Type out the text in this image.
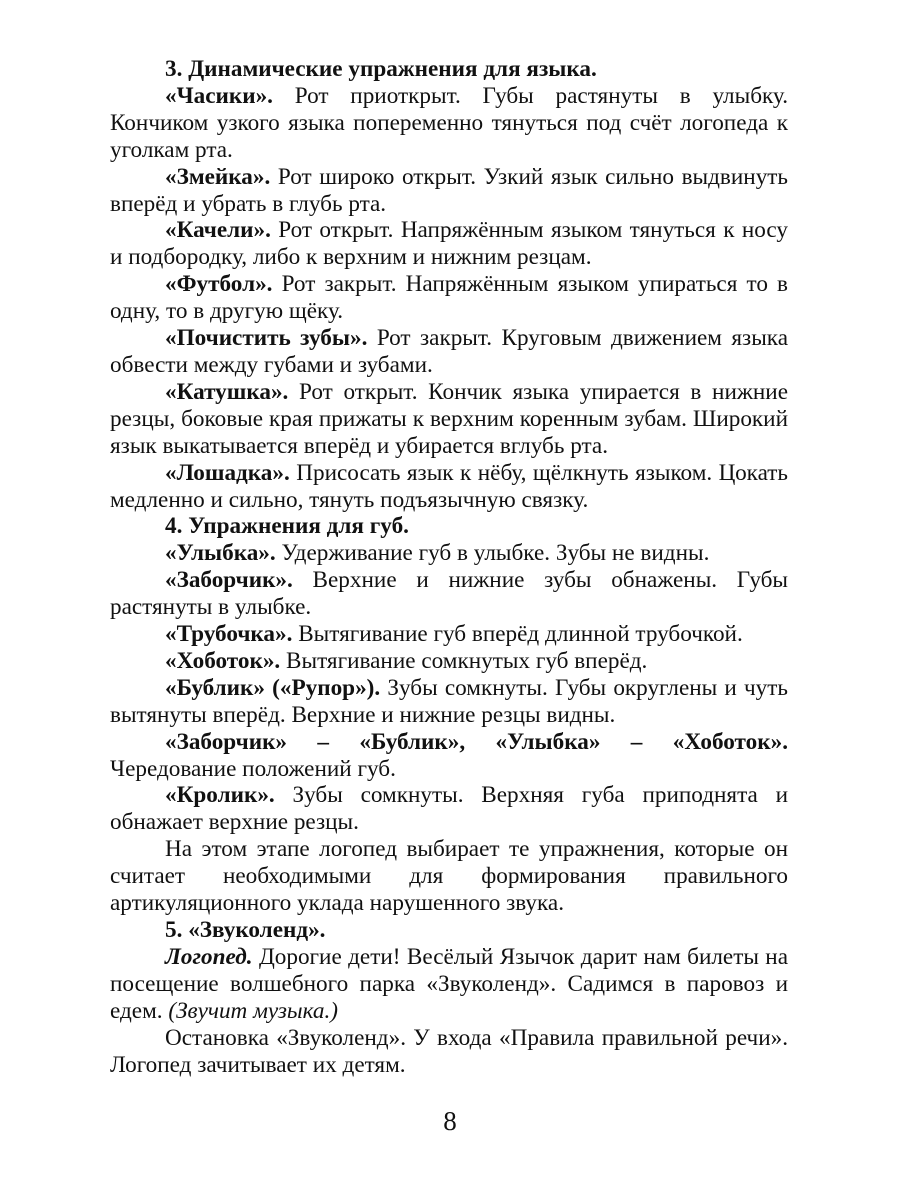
3. Динамические упражнения для языка.

«Часики». Рот приоткрыт. Губы растянуты в улыбку. Кончиком узкого языка попеременно тянуться под счёт логопеда к уголкам рта.

«Змейка». Рот широко открыт. Узкий язык сильно выдвинуть вперёд и убрать в глубь рта.

«Качели». Рот открыт. Напряжённым языком тянуться к носу и подбородку, либо к верхним и нижним резцам.

«Футбол». Рот закрыт. Напряжённым языком упираться то в одну, то в другую щёку.

«Почистить зубы». Рот закрыт. Круговым движением языка обвести между губами и зубами.

«Катушка». Рот открыт. Кончик языка упирается в нижние резцы, боковые края прижаты к верхним коренным зубам. Широкий язык выкатывается вперёд и убирается вглубь рта.

«Лошадка». Присосать язык к нёбу, щёлкнуть языком. Цокать медленно и сильно, тянуть подъязычную связку.

4. Упражнения для губ.

«Улыбка». Удерживание губ в улыбке. Зубы не видны.

«Заборчик». Верхние и нижние зубы обнажены. Губы растянуты в улыбке.

«Трубочка». Вытягивание губ вперёд длинной трубочкой.

«Хоботок». Вытягивание сомкнутых губ вперёд.

«Бублик» («Рупор»). Зубы сомкнуты. Губы округлены и чуть вытянуты вперёд. Верхние и нижние резцы видны.

«Заборчик» – «Бублик», «Улыбка» – «Хоботок». Чередование положений губ.

«Кролик». Зубы сомкнуты. Верхняя губа приподнята и обнажает верхние резцы.

На этом этапе логопед выбирает те упражнения, которые он считает необходимыми для формирования правильного артикуляционного уклада нарушенного звука.

5. «Звуколенд».

Логопед. Дорогие дети! Весёлый Язычок дарит нам билеты на посещение волшебного парка «Звуколенд». Садимся в паровоз и едем. (Звучит музыка.)

Остановка «Звуколенд». У входа «Правила правильной речи». Логопед зачитывает их детям.

8
